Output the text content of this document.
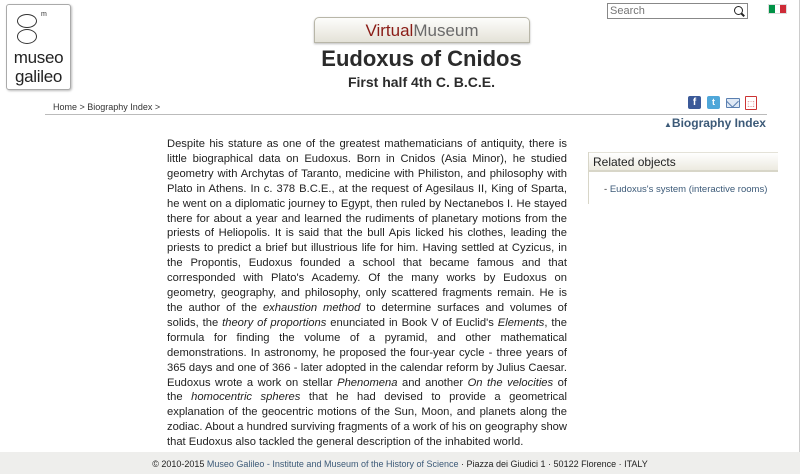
m
museo
galileo
VirtualMuseum
Search
Eudoxus of Cnidos
First half 4th C. B.C.E.
Home > Biography Index >	f	t	⬚
▲Biography Index
Despite his stature as one of the greatest mathematicians of antiquity, there is little biographical data on Eudoxus. Born in Cnidos (Asia Minor), he studied geometry with Archytas of Taranto, medicine with Philiston, and philosophy with Plato in Athens. In c. 378 B.C.E., at the request of Agesilaus II, King of Sparta, he went on a diplomatic journey to Egypt, then ruled by Nectanebos I. He stayed there for about a year and learned the rudiments of planetary motions from the priests of Heliopolis. It is said that the bull Apis licked his clothes, leading the priests to predict a brief but illustrious life for him. Having settled at Cyzicus, in the Propontis, Eudoxus founded a school that became famous and that corresponded with Plato's Academy. Of the many works by Eudoxus on geometry, geography, and philosophy, only scattered fragments remain. He is the author of the exhaustion method to determine surfaces and volumes of solids, the theory of proportions enunciated in Book V of Euclid's Elements, the formula for finding the volume of a pyramid, and other mathematical demonstrations. In astronomy, he proposed the four-year cycle - three years of 365 days and one of 366 - later adopted in the calendar reform by Julius Caesar. Eudoxus wrote a work on stellar Phenomena and another On the velocities of the homocentric spheres that he had devised to provide a geometrical explanation of the geocentric motions of the Sun, Moon, and planets along the zodiac. About a hundred surviving fragments of a work of his on geography show that Eudoxus also tackled the general description of the inhabited world.
Related objects
- Eudoxus's system (interactive rooms)
© 2010-2015 Museo Galileo - Institute and Museum of the History of Science · Piazza dei Giudici 1 · 50122 Florence · ITALY
